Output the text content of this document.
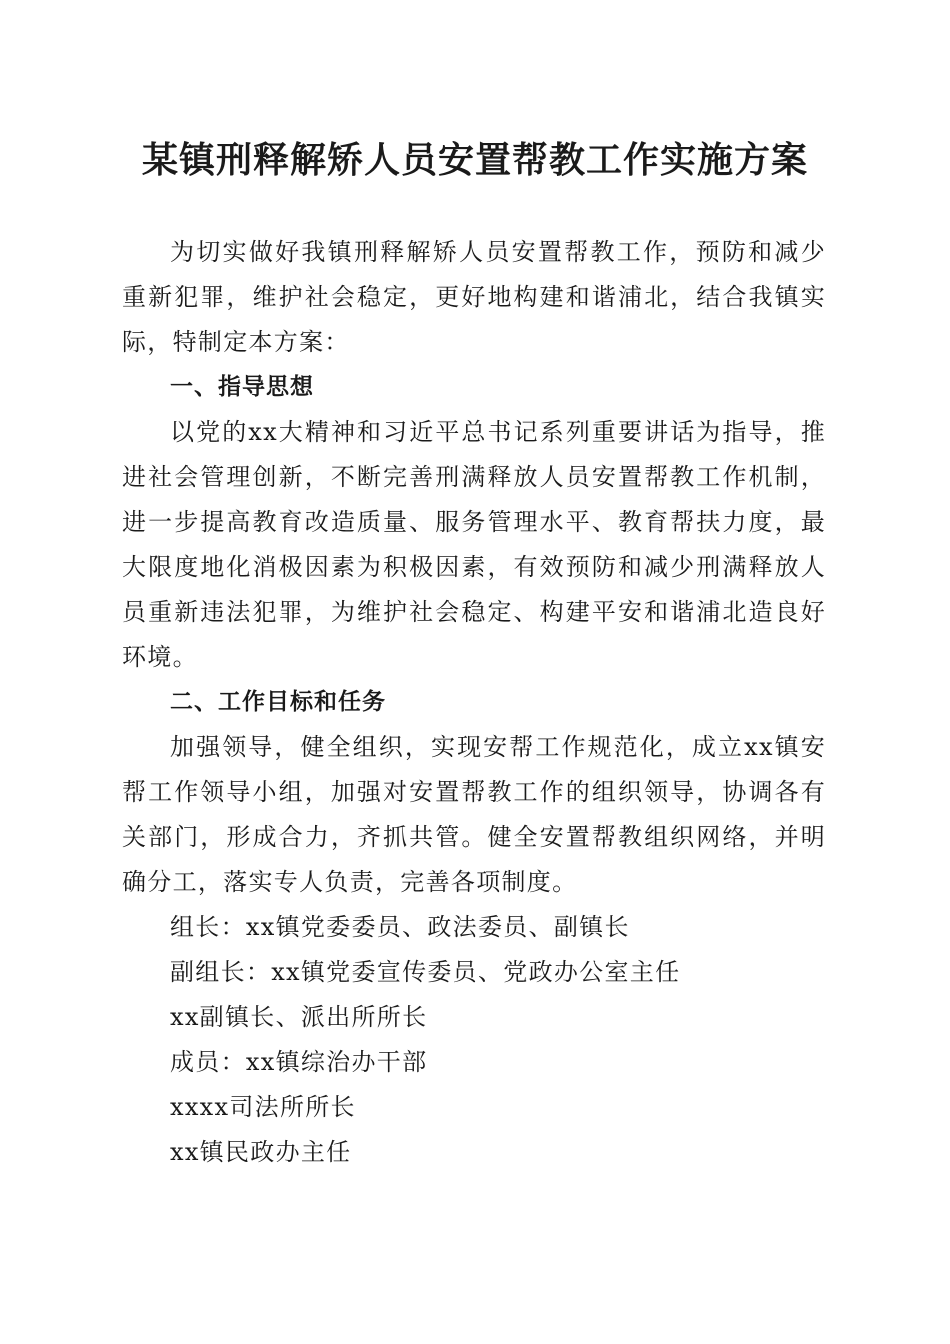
某镇刑释解矫人员安置帮教工作实施方案

为切实做好我镇刑释解矫人员安置帮教工作，预防和减少重新犯罪，维护社会稳定，更好地构建和谐浦北，结合我镇实际，特制定本方案：

一、指导思想

以党的xx大精神和习近平总书记系列重要讲话为指导，推进社会管理创新，不断完善刑满释放人员安置帮教工作机制，进一步提高教育改造质量、服务管理水平、教育帮扶力度，最大限度地化消极因素为积极因素，有效预防和减少刑满释放人员重新违法犯罪，为维护社会稳定、构建平安和谐浦北造良好环境。

二、工作目标和任务

加强领导，健全组织，实现安帮工作规范化，成立xx镇安帮工作领导小组，加强对安置帮教工作的组织领导，协调各有关部门，形成合力，齐抓共管。健全安置帮教组织网络，并明确分工，落实专人负责，完善各项制度。

组长：xx镇党委委员、政法委员、副镇长

副组长：xx镇党委宣传委员、党政办公室主任

xx副镇长、派出所所长

成员：xx镇综治办干部

xxxx司法所所长

xx镇民政办主任
